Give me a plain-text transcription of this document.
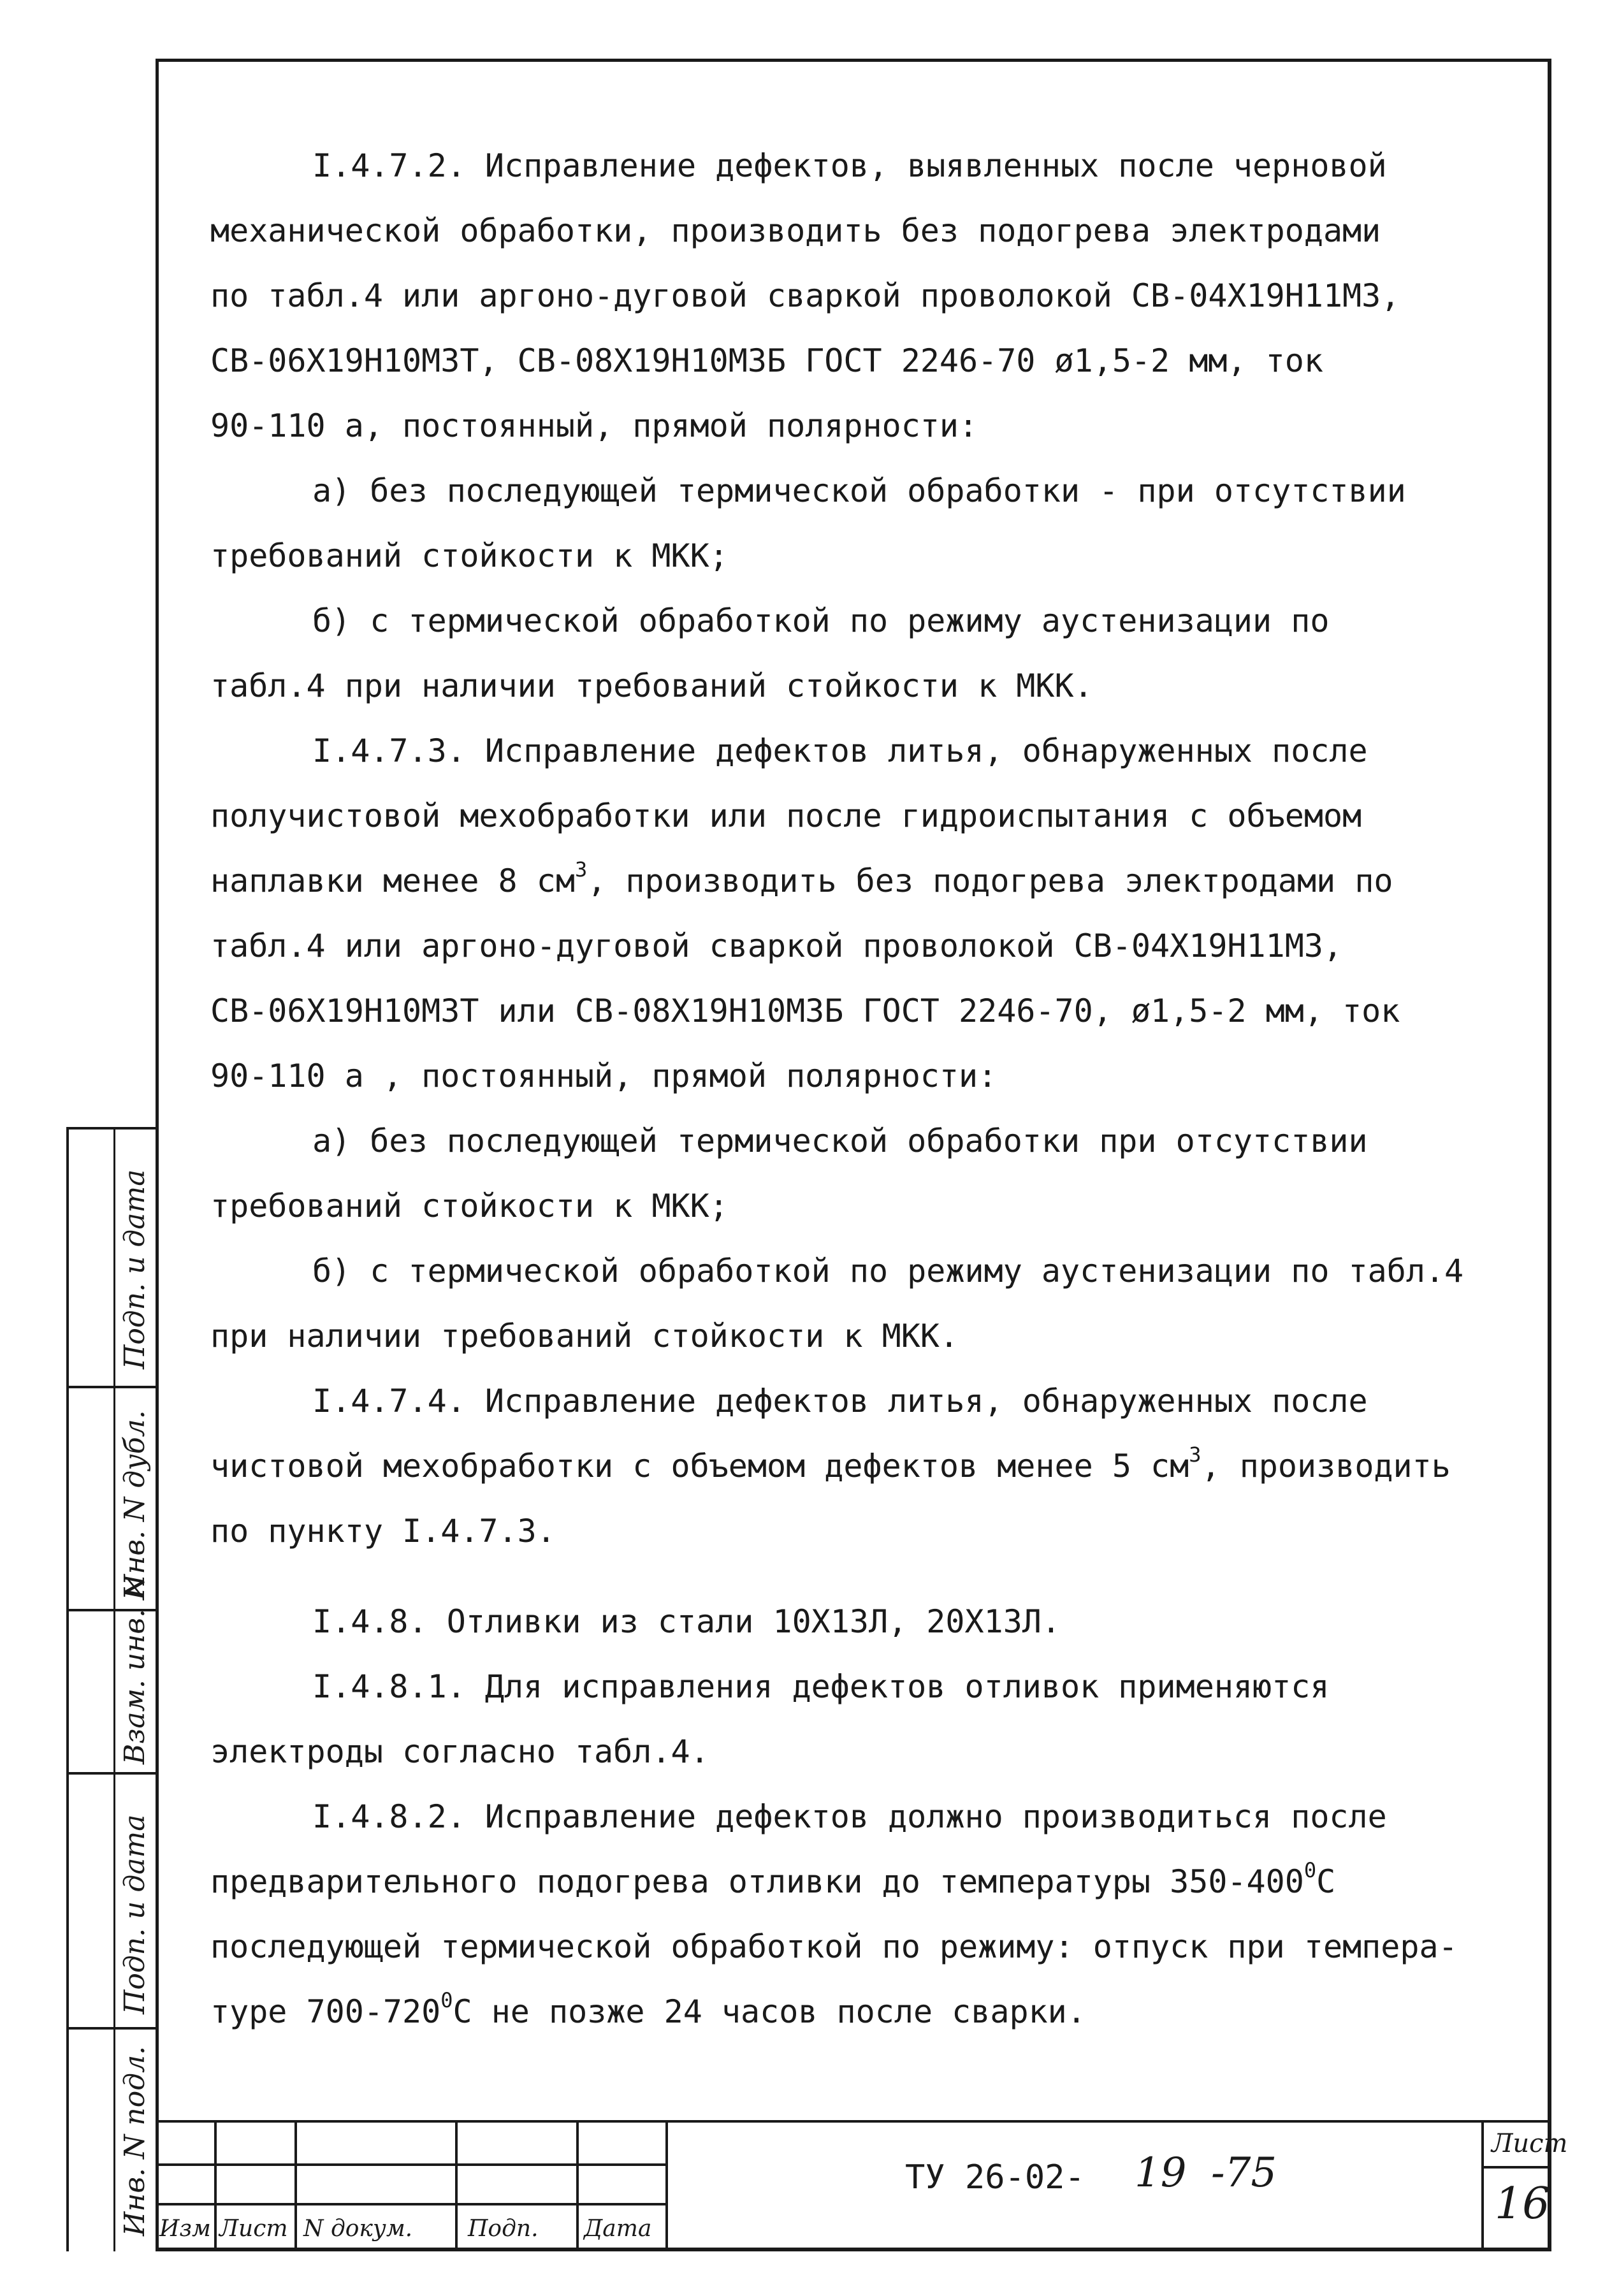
I.4.7.2. Исправление дефектов, выявленных после черновой
механической обработки, производить без подогрева электродами
по табл.4 или аргоно-дуговой сваркой проволокой СВ-04Х19Н11М3,
СВ-06Х19Н10М3Т, СВ-08Х19Н10М3Б ГОСТ 2246-70 ø1,5-2 мм, ток
90-110 а, постоянный, прямой полярности:
а) без последующей термической обработки - при отсутствии
требований стойкости к МКК;
б) с термической обработкой по режиму аустенизации по
табл.4 при наличии требований стойкости к МКК.
I.4.7.3. Исправление дефектов литья, обнаруженных после
получистовой мехобработки или после гидроиспытания с объемом
наплавки менее 8 $см^3$, производить без подогрева электродами по
табл.4 или аргоно-дуговой сваркой проволокой СВ-04Х19Н11М3,
СВ-06Х19Н10М3Т или СВ-08Х19Н10М3Б ГОСТ 2246-70, ø1,5-2 мм, ток
90-110 а , постоянный, прямой полярности:
а) без последующей термической обработки при отсутствии
требований стойкости к МКК;
б) с термической обработкой по режиму аустенизации по табл.4
при наличии требований стойкости к МКК.
I.4.7.4. Исправление дефектов литья, обнаруженных после
чистовой мехобработки с объемом дефектов менее 5 $см^3$, производить
по пункту I.4.7.3.
I.4.8. Отливки из стали 10Х13Л, 20Х13Л.
I.4.8.1. Для исправления дефектов отливок применяются
электроды согласно табл.4.
I.4.8.2. Исправление дефектов должно производиться после
предварительного подогрева отливки до температуры $350-400^0С$
последующей термической обработкой по режиму: отпуск при темпера-
туре $700-720^0С$ не позже 24 часов после сварки.
Подп. и дата
Инв. N дубл.
Взам. инв. N
Подп. и дата
Инв. N подл. Изм Лист N докум. Подп. Дата
ТУ 26-02- 19 -75
Лист
16
